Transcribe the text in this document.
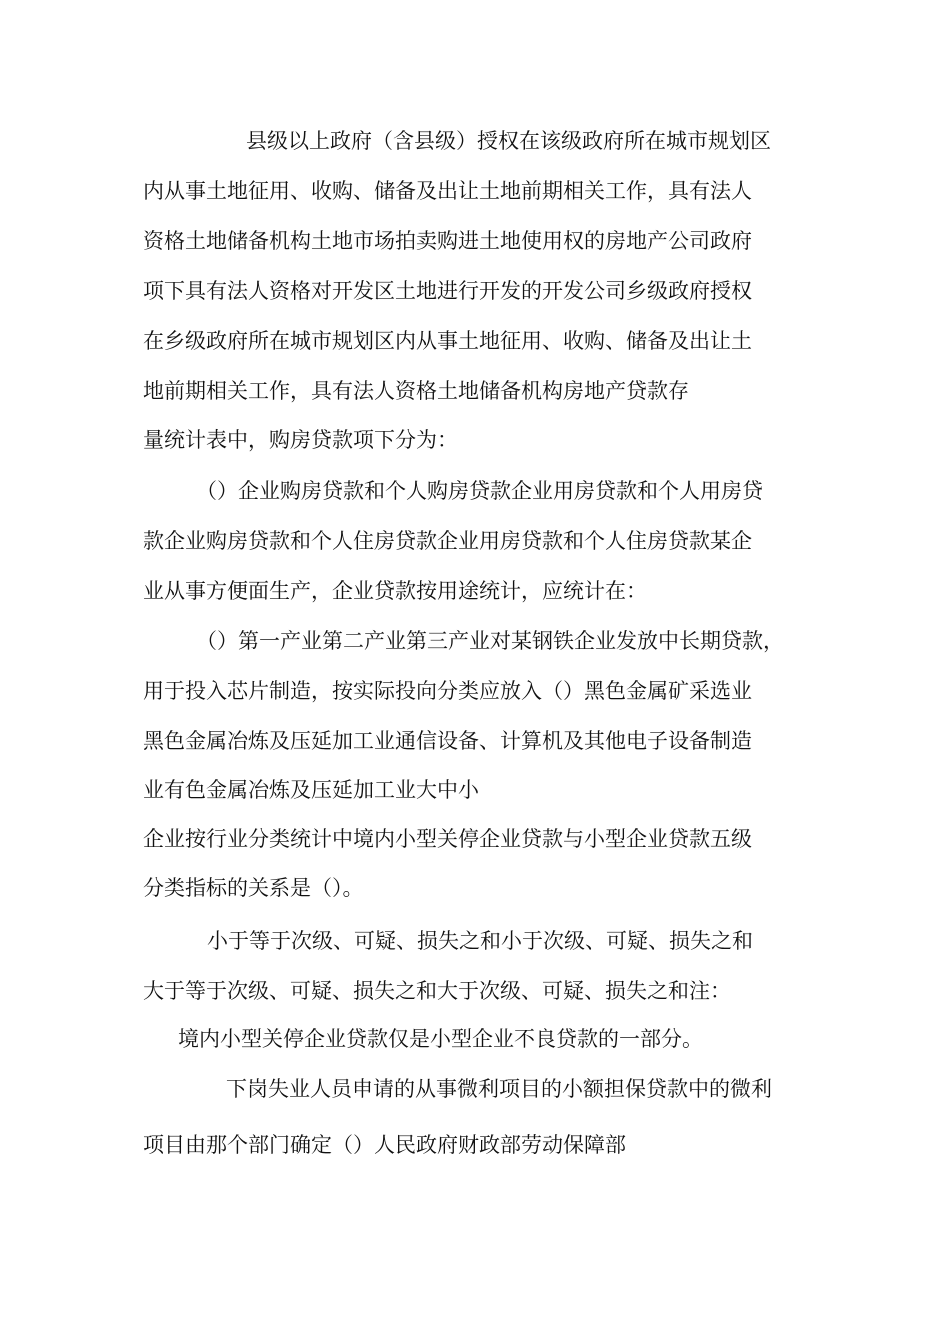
县级以上政府（含县级）授权在该级政府所在城市规划区

内从事土地征用、收购、储备及出让土地前期相关工作，具有法人

资格土地储备机构土地市场拍卖购进土地使用权的房地产公司政府

项下具有法人资格对开发区土地进行开发的开发公司乡级政府授权

在乡级政府所在城市规划区内从事土地征用、收购、储备及出让土

地前期相关工作，具有法人资格土地储备机构房地产贷款存

量统计表中，购房贷款项下分为：

（）企业购房贷款和个人购房贷款企业用房贷款和个人用房贷

款企业购房贷款和个人住房贷款企业用房贷款和个人住房贷款某企

业从事方便面生产，企业贷款按用途统计，应统计在：

（）第一产业第二产业第三产业对某钢铁企业发放中长期贷款，

用于投入芯片制造，按实际投向分类应放入（）黑色金属矿采选业

黑色金属冶炼及压延加工业通信设备、计算机及其他电子设备制造

业有色金属冶炼及压延加工业大中小

企业按行业分类统计中境内小型关停企业贷款与小型企业贷款五级

分类指标的关系是（）。

小于等于次级、可疑、损失之和小于次级、可疑、损失之和

大于等于次级、可疑、损失之和大于次级、可疑、损失之和注：

境内小型关停企业贷款仅是小型企业不良贷款的一部分。

下岗失业人员申请的从事微利项目的小额担保贷款中的微利

项目由那个部门确定（）人民政府财政部劳动保障部
